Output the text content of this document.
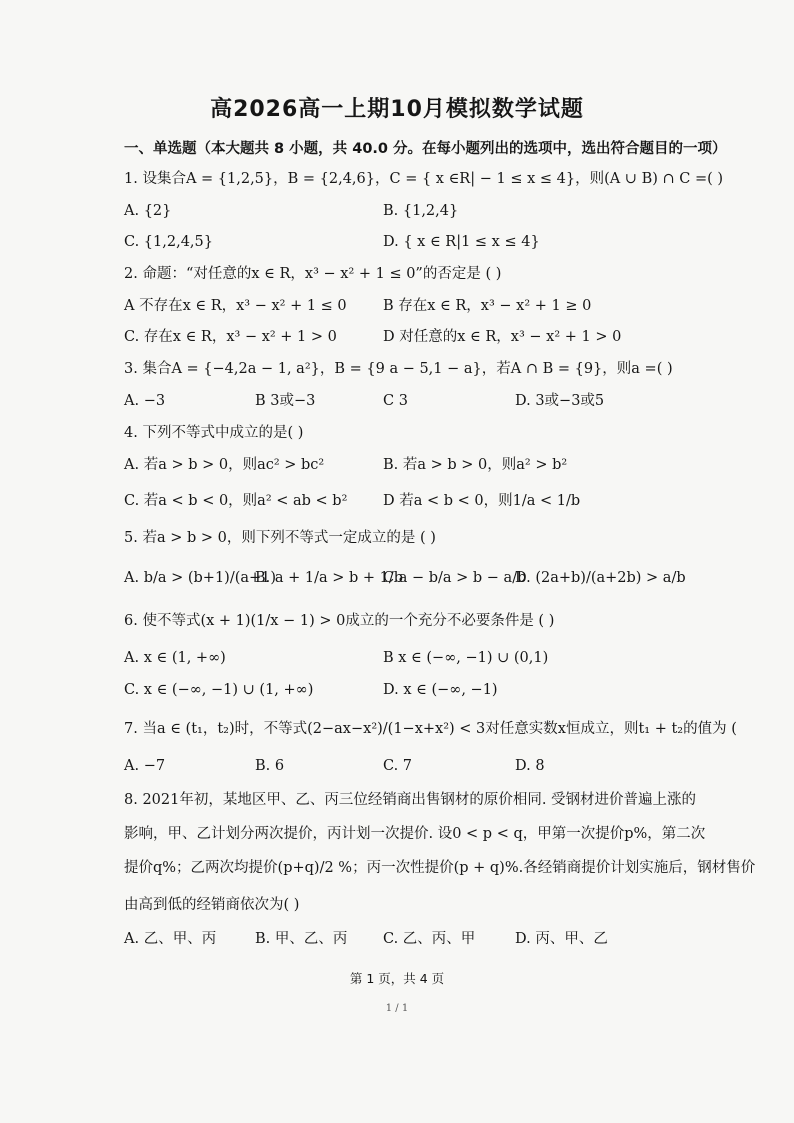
高2026高一上期10月模拟数学试题
一、单选题（本大题共 8 小题，共 40.0 分。在每小题列出的选项中，选出符合题目的一项）
1. 设集合A = {1,2,5}，B = {2,4,6}，C = { x ∈R| − 1 ≤ x ≤ 4}，则(A ∪ B) ∩ C =( )
A. {2}	B. {1,2,4}
C. {1,2,4,5}	D. { x ∈ R|1 ≤ x ≤ 4}
2. 命题：“对任意的x ∈ R，x³ − x² + 1 ≤ 0”的否定是 ( )
A 不存在x ∈ R，x³ − x² + 1 ≤ 0	B 存在x ∈ R，x³ − x² + 1 ≥ 0
C. 存在x ∈ R，x³ − x² + 1 > 0	D 对任意的x ∈ R，x³ − x² + 1 > 0
3. 集合A = {−4,2a − 1, a²}，B = {9 a − 5,1 − a}，若A ∩ B = {9}，则a =( )
A. −3	B 3或−3	C 3	D. 3或−3或5
4. 下列不等式中成立的是( )
A. 若a > b > 0，则ac² > bc²	B. 若a > b > 0，则a² > b²
C. 若a < b < 0，则a² < ab < b² D 若a < b < 0，则1/a < 1/b
5. 若a > b > 0，则下列不等式一定成立的是 ( )
A. b/a > (b+1)/(a+1)
B. a + 1/a > b + 1/b
C a − b/a > b − a/b
D. (2a+b)/(a+2b) > a/b
6. 使不等式(x + 1)(1/x − 1) > 0成立的一个充分不必要条件是 ( )
A. x ∈ (1, +∞)	B x ∈ (−∞, −1) ∪ (0,1)
C. x ∈ (−∞, −1) ∪ (1, +∞)	D. x ∈ (−∞, −1)
7. 当a ∈ (t₁，t₂)时，不等式(2−ax−x²)/(1−x+x²) < 3对任意实数x恒成立，则t₁ + t₂的值为 (
A. −7	B. 6	C. 7	D. 8
8. 2021年初，某地区甲、乙、丙三位经销商出售钢材的原价相同. 受钢材进价普遍上涨的
影响，甲、乙计划分两次提价，丙计划一次提价. 设0 < p < q，甲第一次提价p%，第二次
提价q%；乙两次均提价(p+q)/2 %；丙一次性提价(p + q)%.各经销商提价计划实施后，钢材售价
由高到低的经销商依次为( )
A. 乙、甲、丙	B. 甲、乙、丙 C. 乙、丙、甲	D. 丙、甲、乙
第 1 页，共 4 页
1 / 1
